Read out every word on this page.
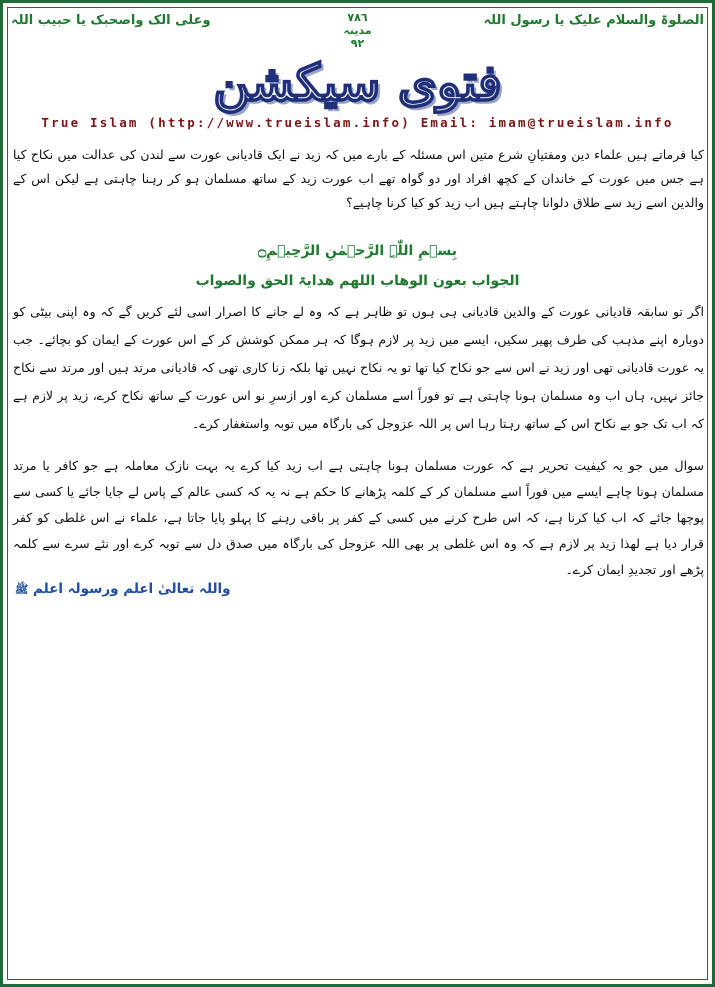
الصلوۃ والسلام علیک یا رسول اللہ
٧٨٦
مدینہ
٩٢
وعلی الک واصحبک یا حبیب اللہ
فتوی سیکشن
True Islam (http://www.trueislam.info) Email: imam@trueislam.info
کیا فرماتے ہیں علماء دین ومفتیانِ شرع متین اس مسئلہ کے بارے میں کہ زید نے ایک قادیانی عورت سے لندن کی عدالت میں نکاح کیا ہے جس میں عورت کے خاندان کے کچھ افراد اور دو گواہ تھے اب عورت زید کے ساتھ مسلمان ہو کر رہنا چاہتی ہے لیکن اس کے والدین اسے زید سے طلاق دلوانا چاہتے ہیں اب زید کو کیا کرنا چاہیے؟
بِسۡمِ اللّٰہِ الرَّحۡمٰنِ الرَّحِیۡمِ۝
الجواب بعون الوھاب اللھم ھدایۃ الحق والصواب
اگر تو سابقہ قادیانی عورت کے والدین قادیانی ہی ہوں تو ظاہر ہے کہ وہ لے جانے کا اصرار اسی لئے کریں گے کہ وہ اپنی بیٹی کو دوبارہ اپنے مذہب کی طرف پھیر سکیں، ایسے میں زید پر لازم ہوگا کہ ہر ممکن کوشش کر کے اس عورت کے ایمان کو بچائے۔ جب یہ عورت قادیانی تھی اور زید نے اس سے جو نکاح کیا تھا تو یہ نکاح نہیں تھا بلکہ زنا کاری تھی کہ قادیانی مرتد ہیں اور مرتد سے نکاح جائز نہیں، ہاں اب وہ مسلمان ہونا چاہتی ہے تو فوراً اسے مسلمان کرے اور ازسرِ نو اس عورت کے ساتھ نکاح کرے، زید پر لازم ہے کہ اب تک جو بے نکاح اس کے ساتھ رہتا رہا اس پر اللہ عزوجل کی بارگاہ میں توبہ واستغفار کرے۔
سوال میں جو یہ کیفیت تحریر ہے کہ عورت مسلمان ہونا چاہتی ہے اب زید کیا کرے یہ بہت نازک معاملہ ہے جو کافر یا مرتد مسلمان ہونا چاہے ایسے میں فوراً اسے مسلمان کر کے کلمہ پڑھانے کا حکم ہے نہ یہ کہ کسی عالم کے پاس لے جایا جائے یا کسی سے پوچھا جائے کہ اب کیا کرنا ہے، کہ اس طرح کرنے میں کسی کے کفر پر باقی رہنے کا پہلو پایا جاتا ہے، علماء نے اس غلطی کو کفر قرار دیا ہے لھذا زید پر لازم ہے کہ وہ اس غلطی پر بھی اللہ عزوجل کی بارگاہ میں صدق دل سے توبہ کرے اور نئے سرے سے کلمہ پڑھے اور تجدیدِ ایمان کرے۔
واللہ تعالیٰ اعلم ورسولہ اعلم ﷺ
